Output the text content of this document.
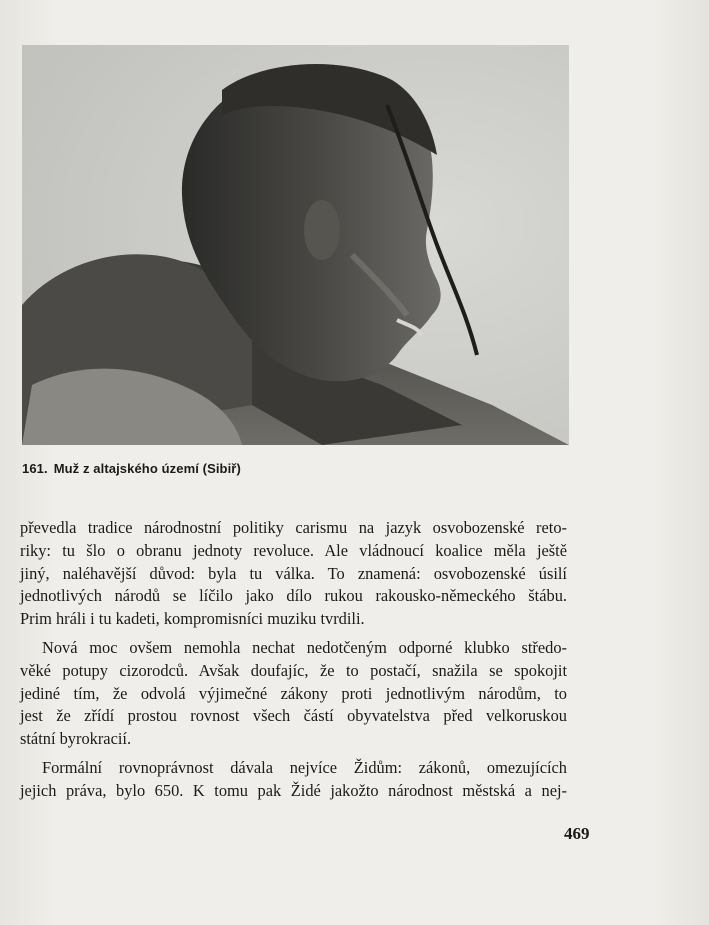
161. Muž z altajského území (Sibiř)

převedla tradice národnostní politiky carismu na jazyk osvobozenské reto-
riky: tu šlo o obranu jednoty revoluce. Ale vládnoucí koalice měla ještě
jiný, naléhavější důvod: byla tu válka. To znamená: osvobozenské úsilí
jednotlivých národů se líčilo jako dílo rukou rakousko-německého štábu.
Prim hráli i tu kadeti, kompromisníci muziku tvrdili.

Nová moc ovšem nemohla nechat nedotčeným odporné klubko středo-
věké potupy cizorodců. Avšak doufajíc, že to postačí, snažila se spokojit
jediné tím, že odvolá výjimečné zákony proti jednotlivým národům, to
jest že zřídí prostou rovnost všech částí obyvatelstva před velkoruskou
státní byrokracií.

Formální rovnoprávnost dávala nejvíce Židům: zákonů, omezujících
jejich práva, bylo 650. K tomu pak Židé jakožto národnost městská a nej-

469
